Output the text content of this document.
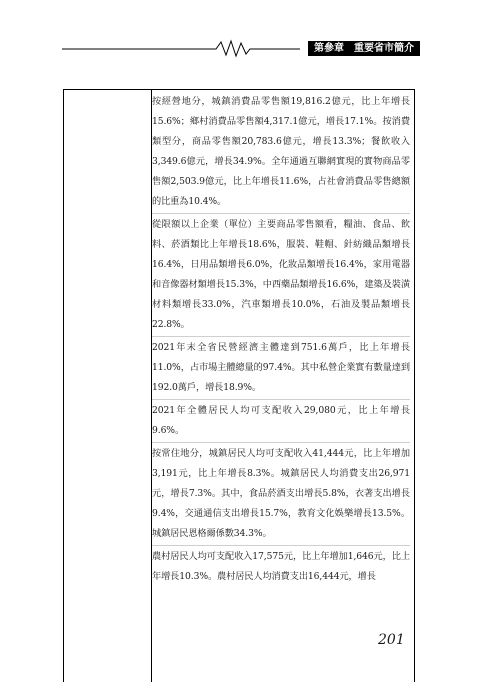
第參章　重要省市簡介

按經營地分，城鎮消費品零售額19,816.2億元，比上年增長15.6%；鄉村消費品零售額4,317.1億元，增長17.1%。按消費類型分，商品零售額20,783.6億元，增長13.3%；餐飲收入3,349.6億元，增長34.9%。全年通過互聯網實現的實物商品零售額2,503.9億元，比上年增長11.6%，占社會消費品零售總額的比重為10.4%。

從限額以上企業（單位）主要商品零售額看，糧油、食品、飲料、菸酒類比上年增長18.6%，服裝、鞋帽、針紡織品類增長16.4%，日用品類增長6.0%，化妝品類增長16.4%，家用電器和音像器材類增長15.3%，中西藥品類增長16.6%，建築及裝潢材料類增長33.0%，汽車類增長10.0%，石油及製品類增長22.8%。

2021年末全省民營經濟主體達到751.6萬戶，比上年增長11.0%，占市場主體總量的97.4%。其中私營企業實有數量達到192.0萬戶，增長18.9%。

2021年全體居民人均可支配收入29,080元，比上年增長9.6%。

按常住地分，城鎮居民人均可支配收入41,444元，比上年增加3,191元，比上年增長8.3%。城鎮居民人均消費支出26,971元，增長7.3%。其中，食品菸酒支出增長5.8%，衣著支出增長9.4%，交通通信支出增長15.7%，教育文化娛樂增長13.5%。城鎮居民恩格爾係數34.3%。

農村居民人均可支配收入17,575元，比上年增加1,646元，比上年增長10.3%。農村居民人均消費支出16,444元，增長

201
